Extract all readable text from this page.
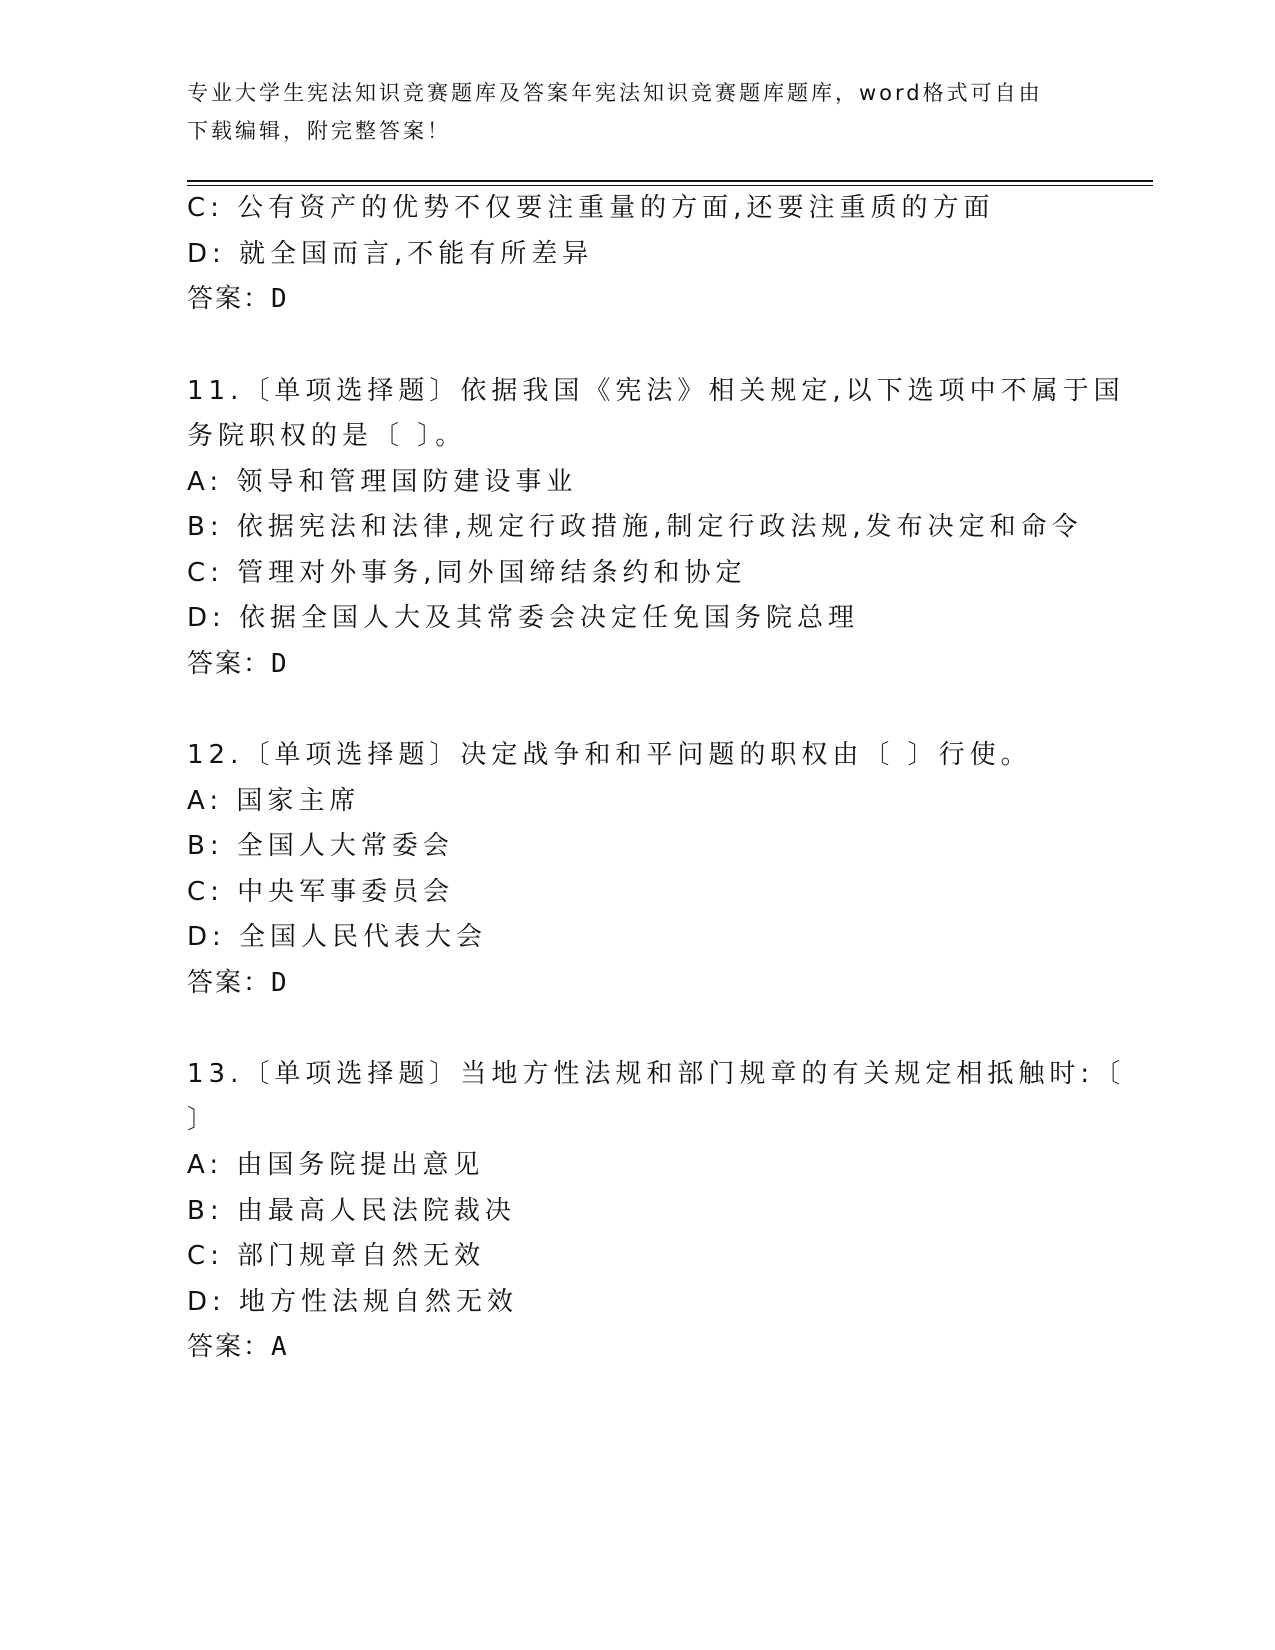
专业大学生宪法知识竞赛题库及答案年宪法知识竞赛题库题库，word格式可自由
下载编辑，附完整答案！
C: 公有资产的优势不仅要注重量的方面,还要注重质的方面
D: 就全国而言,不能有所差异
答案：D
11.〔单项选择题〕依据我国《宪法》相关规定,以下选项中不属于国
务院职权的是〔 〕。
A: 领导和管理国防建设事业
B: 依据宪法和法律,规定行政措施,制定行政法规,发布决定和命令
C: 管理对外事务,同外国缔结条约和协定
D: 依据全国人大及其常委会决定任免国务院总理
答案：D
12.〔单项选择题〕决定战争和和平问题的职权由〔 〕行使。
A: 国家主席
B: 全国人大常委会
C: 中央军事委员会
D: 全国人民代表大会
答案：D
13.〔单项选择题〕当地方性法规和部门规章的有关规定相抵触时:〔
〕
A: 由国务院提出意见
B: 由最高人民法院裁决
C: 部门规章自然无效
D: 地方性法规自然无效
答案：A
